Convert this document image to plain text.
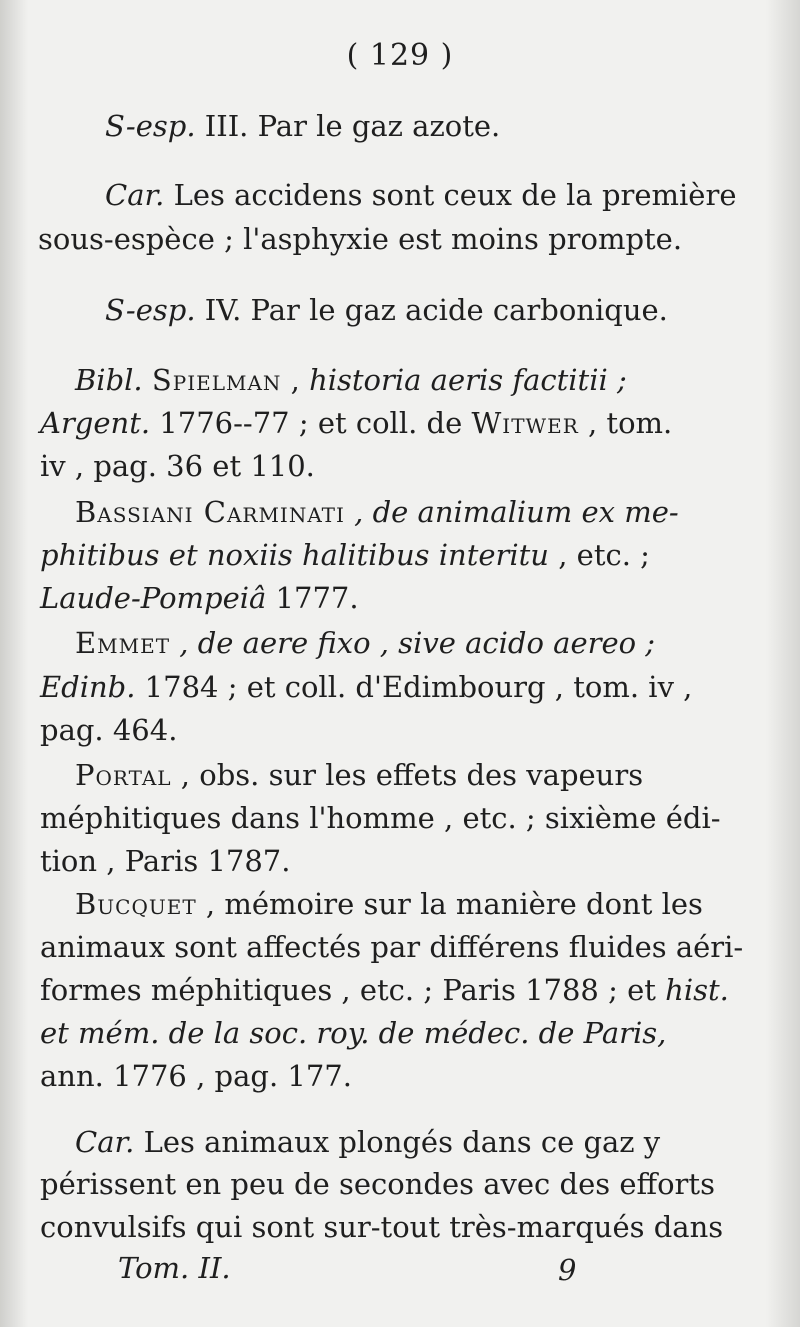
( 129 )
S-esp. III. Par le gaz azote.
Car. Les accidens sont ceux de la première
sous-espèce ; l'asphyxie est moins prompte.
S-esp. IV. Par le gaz acide carbonique.
Bibl. Spielman , historia aeris factitii ;
Argent. 1776--77 ; et coll. de Witwer , tom.
iv , pag. 36 et 110.
Bassiani Carminati , de animalium ex me-
phitibus et noxiis halitibus interitu , etc. ;
Laude-Pompeiâ 1777.
Emmet , de aere fixo , sive acido aereo ;
Edinb. 1784 ; et coll. d'Edimbourg , tom. iv ,
pag. 464.
Portal , obs. sur les effets des vapeurs
méphitiques dans l'homme , etc. ; sixième édi-
tion , Paris 1787.
Bucquet , mémoire sur la manière dont les
animaux sont affectés par différens fluides aéri-
formes méphitiques , etc. ; Paris 1788 ; et hist.
et mém. de la soc. roy. de médec. de Paris,
ann. 1776 , pag. 177.
Car. Les animaux plongés dans ce gaz y
périssent en peu de secondes avec des efforts
convulsifs qui sont sur-tout très-marqués dans
Tom. II.	9
